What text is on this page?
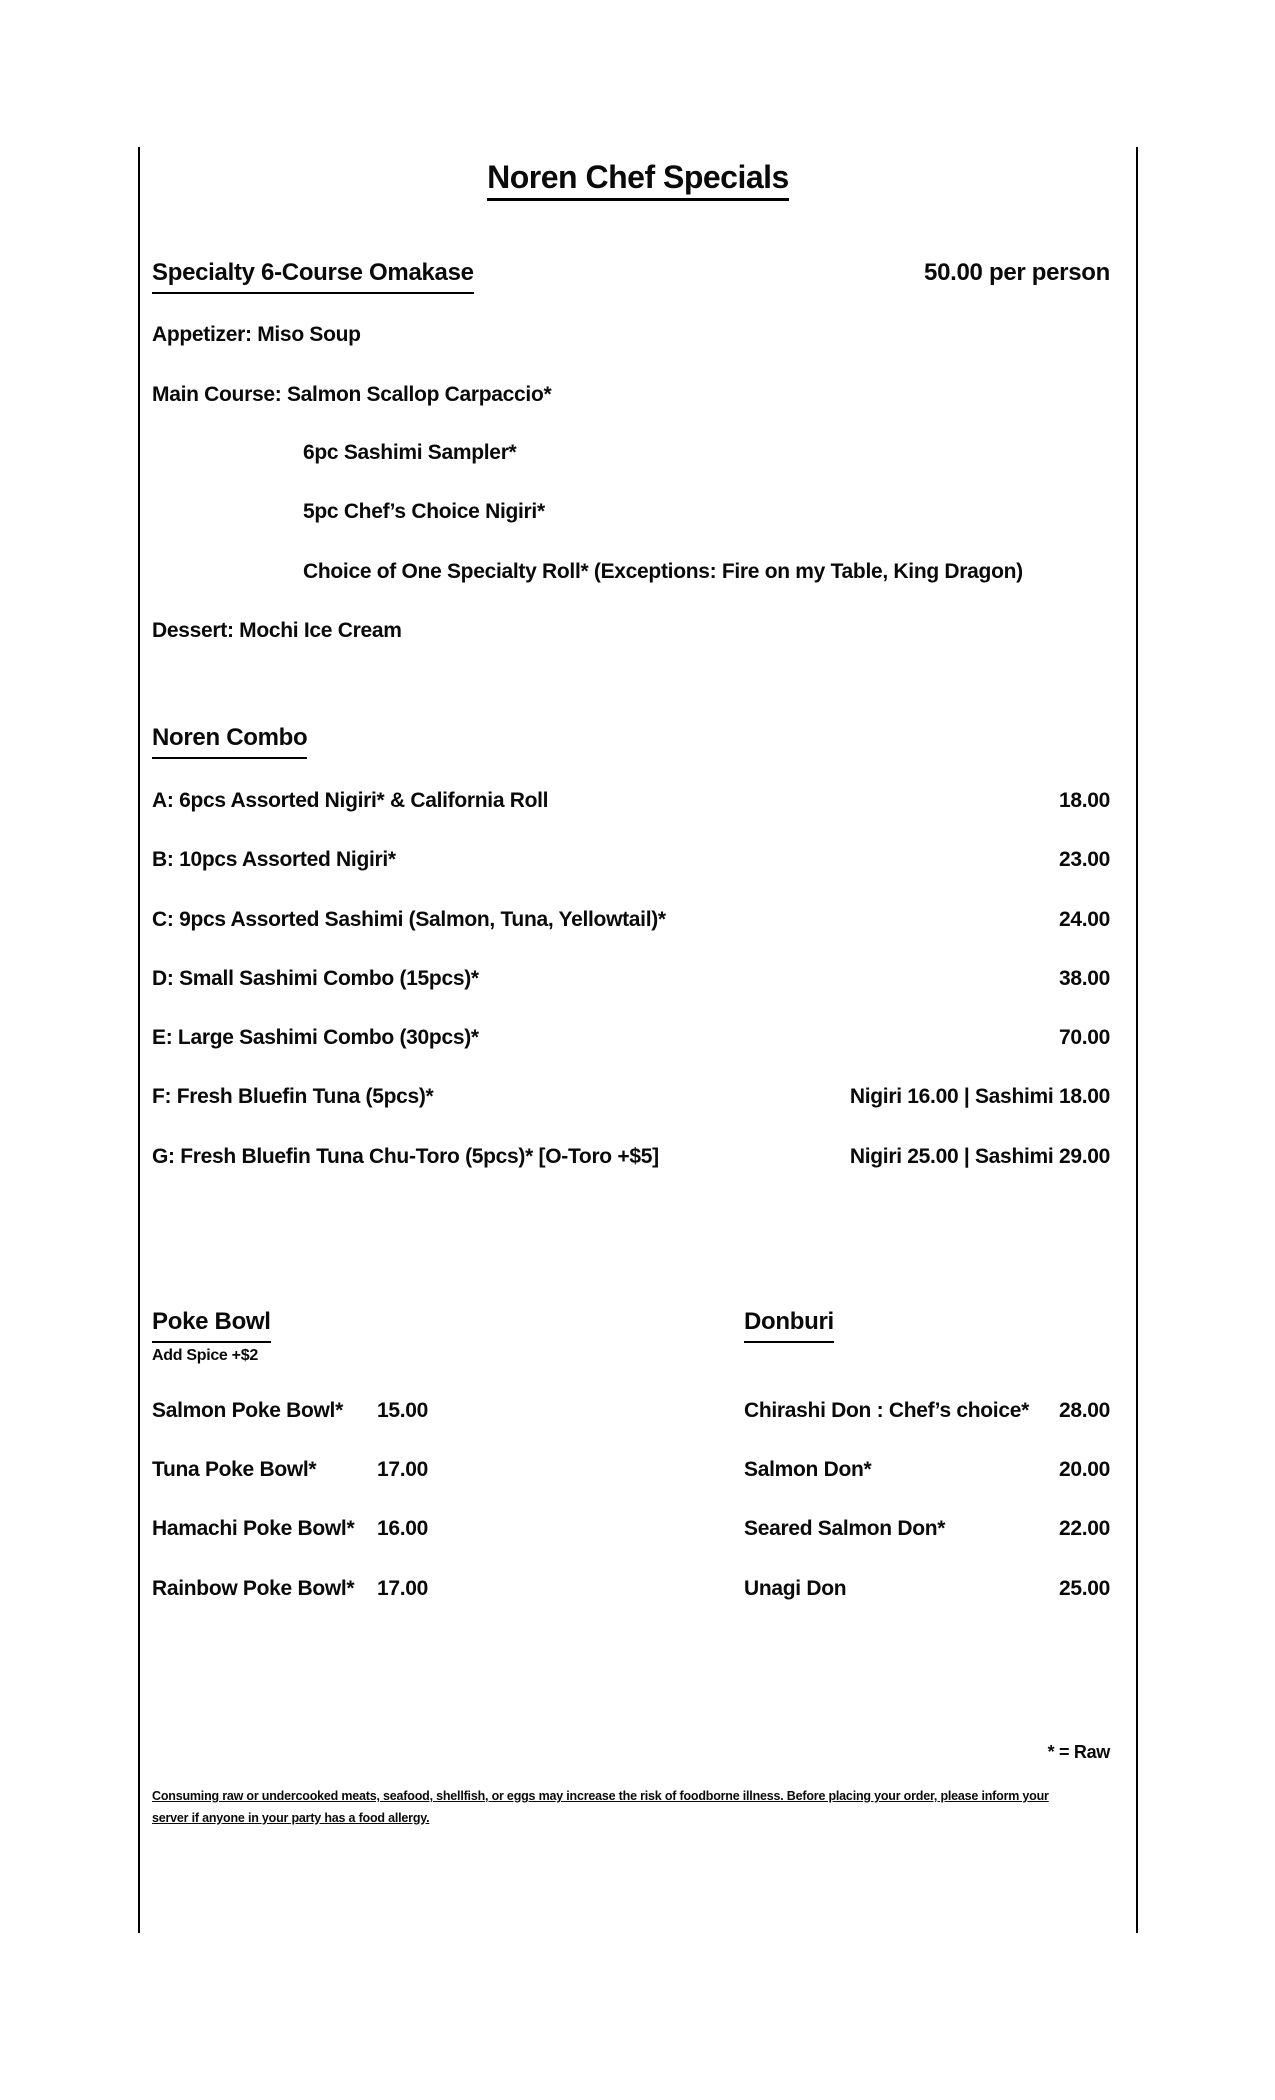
Noren Chef Specials
Specialty 6-Course Omakase	50.00 per person
Appetizer: Miso Soup
Main Course: Salmon Scallop Carpaccio*
6pc Sashimi Sampler*
5pc Chef’s Choice Nigiri*
Choice of One Specialty Roll* (Exceptions: Fire on my Table, King Dragon)
Dessert: Mochi Ice Cream
Noren Combo
A: 6pcs Assorted Nigiri* & California Roll	18.00
B: 10pcs Assorted Nigiri*	23.00
C: 9pcs Assorted Sashimi (Salmon, Tuna, Yellowtail)*	24.00
D: Small Sashimi Combo (15pcs)*	38.00
E: Large Sashimi Combo (30pcs)*	70.00
F: Fresh Bluefin Tuna (5pcs)*	Nigiri 16.00 | Sashimi 18.00
G: Fresh Bluefin Tuna Chu-Toro (5pcs)* [O-Toro +$5]	Nigiri 25.00 | Sashimi 29.00
Poke Bowl	Donburi
Add Spice +$2
Salmon Poke Bowl* 15.00	Chirashi Don : Chef’s choice* 28.00
Tuna Poke Bowl*	17.00	Salmon Don*	20.00
Hamachi Poke Bowl* 16.00	Seared Salmon Don*	22.00
Rainbow Poke Bowl* 17.00	Unagi Don	25.00
* = Raw
Consuming raw or undercooked meats, seafood, shellfish, or eggs may increase the risk of foodborne illness. Before placing your order, please inform your
server if anyone in your party has a food allergy.
